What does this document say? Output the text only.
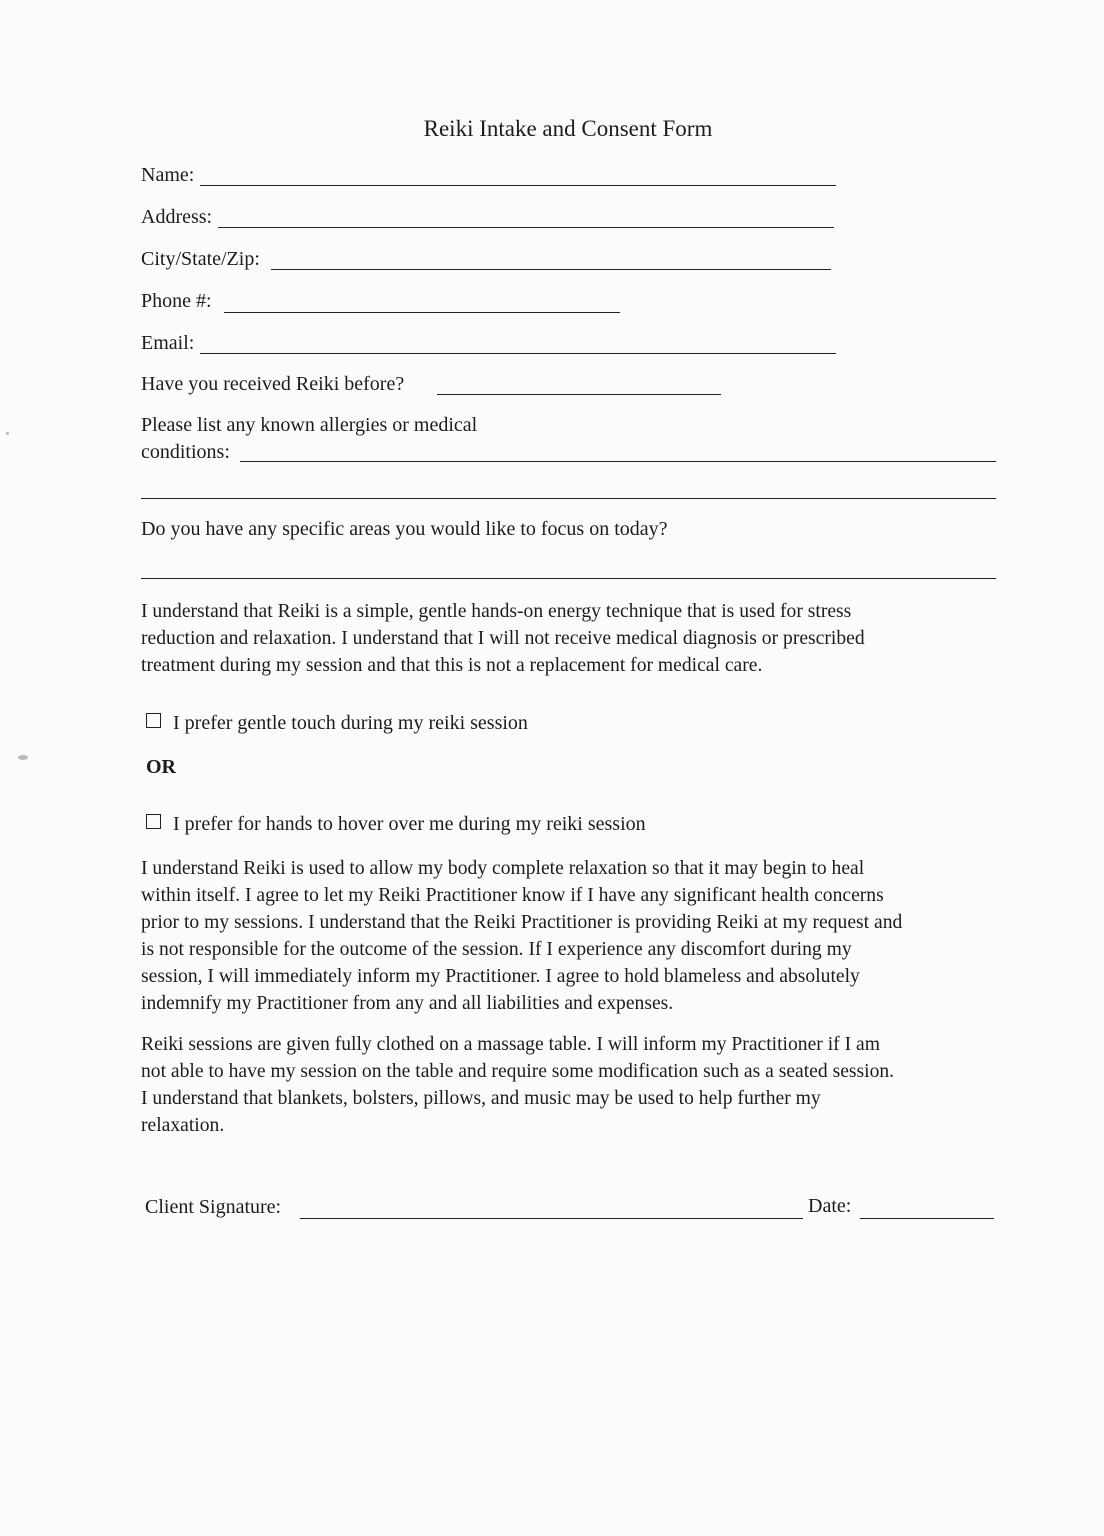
Reiki Intake and Consent Form
Name:
Address:
City/State/Zip:
Phone #:
Email:
Have you received Reiki before?
Please list any known allergies or medical
conditions:
Do you have any specific areas you would like to focus on today?
I understand that Reiki is a simple, gentle hands-on energy technique that is used for stress
reduction and relaxation. I understand that I will not receive medical diagnosis or prescribed
treatment during my session and that this is not a replacement for medical care.
I prefer gentle touch during my reiki session
OR
I prefer for hands to hover over me during my reiki session
I understand Reiki is used to allow my body complete relaxation so that it may begin to heal
within itself. I agree to let my Reiki Practitioner know if I have any significant health concerns
prior to my sessions. I understand that the Reiki Practitioner is providing Reiki at my request and
is not responsible for the outcome of the session. If I experience any discomfort during my
session, I will immediately inform my Practitioner. I agree to hold blameless and absolutely
indemnify my Practitioner from any and all liabilities and expenses.
Reiki sessions are given fully clothed on a massage table. I will inform my Practitioner if I am
not able to have my session on the table and require some modification such as a seated session.
I understand that blankets, bolsters, pillows, and music may be used to help further my
relaxation.
Client Signature:	Date:
